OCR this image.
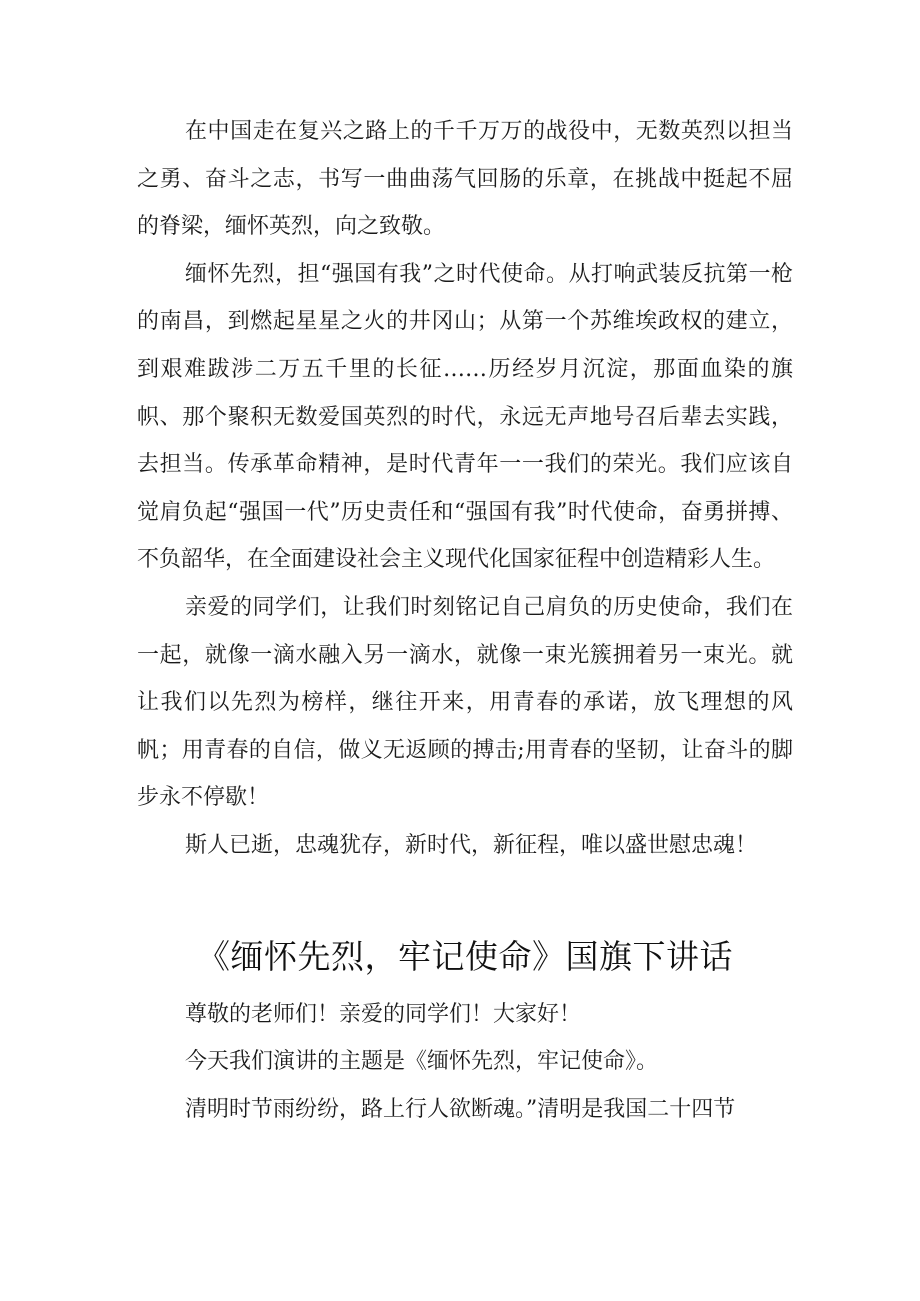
在中国走在复兴之路上的千千万万的战役中，无数英烈以担当之勇、奋斗之志，书写一曲曲荡气回肠的乐章，在挑战中挺起不屈的脊梁，缅怀英烈，向之致敬。

缅怀先烈，担“强国有我”之时代使命。从打响武装反抗第一枪的南昌，到燃起星星之火的井冈山；从第一个苏维埃政权的建立，到艰难跋涉二万五千里的长征……历经岁月沉淀，那面血染的旗帜、那个聚积无数爱国英烈的时代，永远无声地号召后辈去实践，去担当。传承革命精神，是时代青年一一我们的荣光。我们应该自觉肩负起“强国一代”历史责任和“强国有我”时代使命，奋勇拼搏、不负韶华，在全面建设社会主义现代化国家征程中创造精彩人生。

亲爱的同学们，让我们时刻铭记自己肩负的历史使命，我们在一起，就像一滴水融入另一滴水，就像一束光簇拥着另一束光。就让我们以先烈为榜样，继往开来，用青春的承诺，放飞理想的风帆；用青春的自信，做义无返顾的搏击;用青春的坚韧，让奋斗的脚步永不停歇！

斯人已逝，忠魂犹存，新时代，新征程，唯以盛世慰忠魂！

《缅怀先烈，牢记使命》国旗下讲话

尊敬的老师们！亲爱的同学们！大家好！

今天我们演讲的主题是《缅怀先烈，牢记使命》。

清明时节雨纷纷，路上行人欲断魂。”清明是我国二十四节
